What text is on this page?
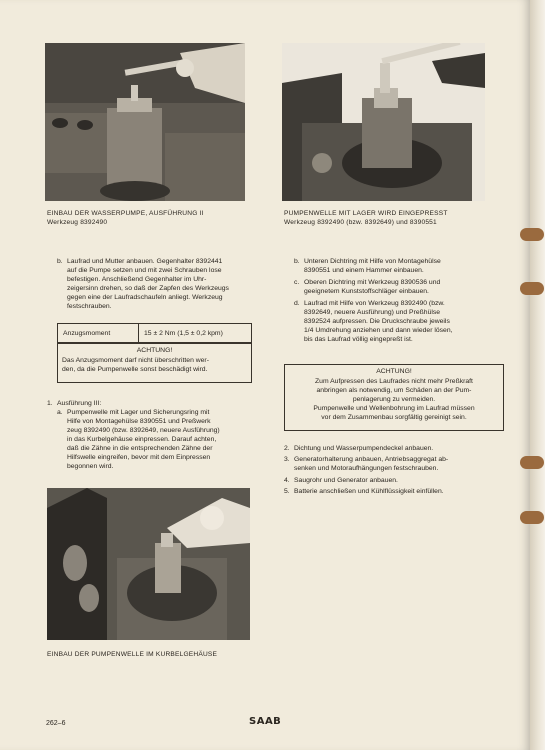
EINBAU DER WASSERPUMPE, AUSFÜHRUNG II
Werkzeug 8392490
PUMPENWELLE MIT LAGER WIRD EINGEPRESST
Werkzeug 8392490 (bzw. 8392649) und 8390551
b. Laufrad und Mutter anbauen. Gegenhalter 8392441
auf die Pumpe setzen und mit zwei Schrauben lose
befestigen. Anschließend Gegenhalter im Uhr-
zeigersinn drehen, so daß der Zapfen des Werkzeugs
gegen eine der Laufradschaufeln anliegt. Werkzeug
festschrauben.
Anzugsmoment	15 ± 2 Nm (1,5 ± 0,2 kpm)
ACHTUNG!
Das Anzugsmoment darf nicht überschritten wer-
den, da die Pumpenwelle sonst beschädigt wird.
1. Ausführung III:
a. Pumpenwelle mit Lager und Sicherungsring mit
Hilfe von Montagehülse 8390551 und Preßwerk
zeug 8392490 (bzw. 8392649, neuere Ausführung)
in das Kurbelgehäuse einpressen. Darauf achten,
daß die Zähne in die entsprechenden Zähne der
Hilfswelle eingreifen, bevor mit dem Einpressen
begonnen wird.
EINBAU DER PUMPENWELLE IM KURBELGEHÄUSE
b. Unteren Dichtring mit Hilfe von Montagehülse
8390551 und einem Hammer einbauen.
c. Oberen Dichtring mit Werkzeug 8390536 und
geeignetem Kunststoffschläger einbauen.
d. Laufrad mit Hilfe von Werkzeug 8392490 (bzw.
8392649, neuere Ausführung) und Preßhülse
8392524 aufpressen. Die Druckschraube jeweils
1/4 Umdrehung anziehen und dann wieder lösen,
bis das Laufrad völlig eingepreßt ist.
ACHTUNG!
Zum Aufpressen des Laufrades nicht mehr Preßkraft
anbringen als notwendig, um Schäden an der Pum-
penlagerung zu vermeiden.
Pumpenwelle und Wellenbohrung im Laufrad müssen
vor dem Zusammenbau sorgfältig gereinigt sein.
2. Dichtung und Wasserpumpendeckel anbauen.
3. Generatorhalterung anbauen, Antriebsaggregat ab-
senken und Motoraufhängungen festschrauben.
4. Saugrohr und Generator anbauen.
5. Batterie anschließen und Kühlflüssigkeit einfüllen.
262–6	SAAB
